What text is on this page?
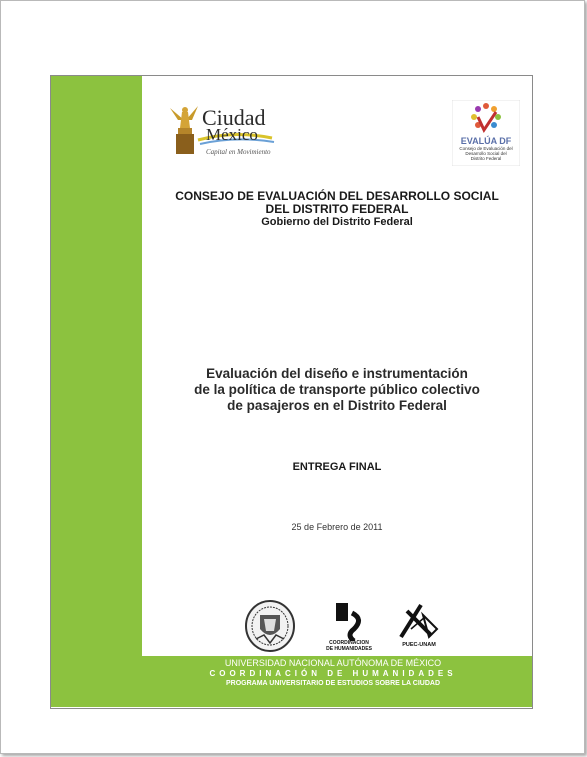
Ciudad
México
Capital en Movimiento
EVALÚA DF
Consejo de Evaluación del
Desarrollo Social del
Distrito Federal
CONSEJO DE EVALUACIÓN DEL DESARROLLO SOCIAL
DEL DISTRITO FEDERAL
Gobierno del Distrito Federal
Evaluación del diseño e instrumentación
de la política de transporte público colectivo
de pasajeros en el Distrito Federal
ENTREGA FINAL
25 de Febrero de 2011
COORDINACION
DE HUMANIDADES
PUEC-UNAM
UNIVERSIDAD NACIONAL AUTÓNOMA DE MÉXICO
COORDINACIÓN DE HUMANIDADES
PROGRAMA UNIVERSITARIO DE ESTUDIOS SOBRE LA CIUDAD
